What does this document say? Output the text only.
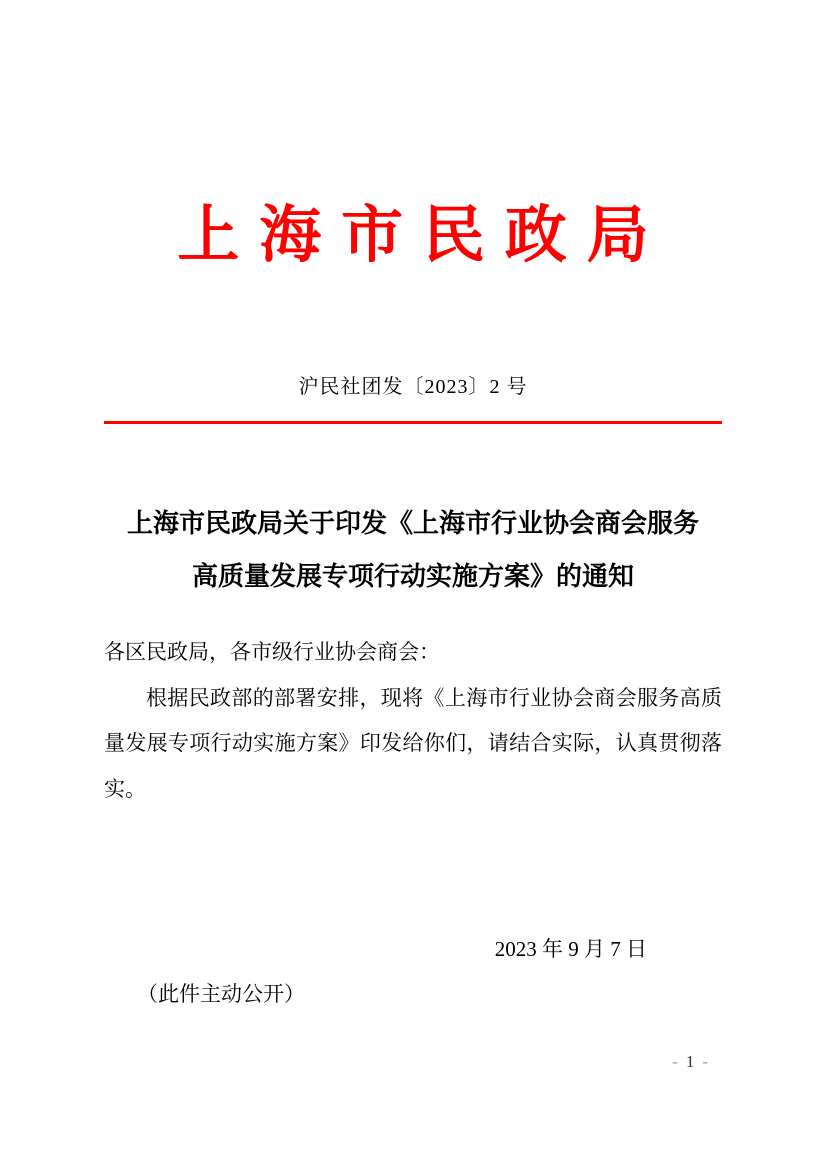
上海市民政局
沪民社团发〔2023〕2 号
上海市民政局关于印发《上海市行业协会商会服务
高质量发展专项行动实施方案》的通知

各区民政局，各市级行业协会商会：

根据民政部的部署安排，现将《上海市行业协会商会服务高质量发展专项行动实施方案》印发给你们，请结合实际，认真贯彻落实。

2023 年 9 月 7 日
（此件主动公开）
- 1 -
